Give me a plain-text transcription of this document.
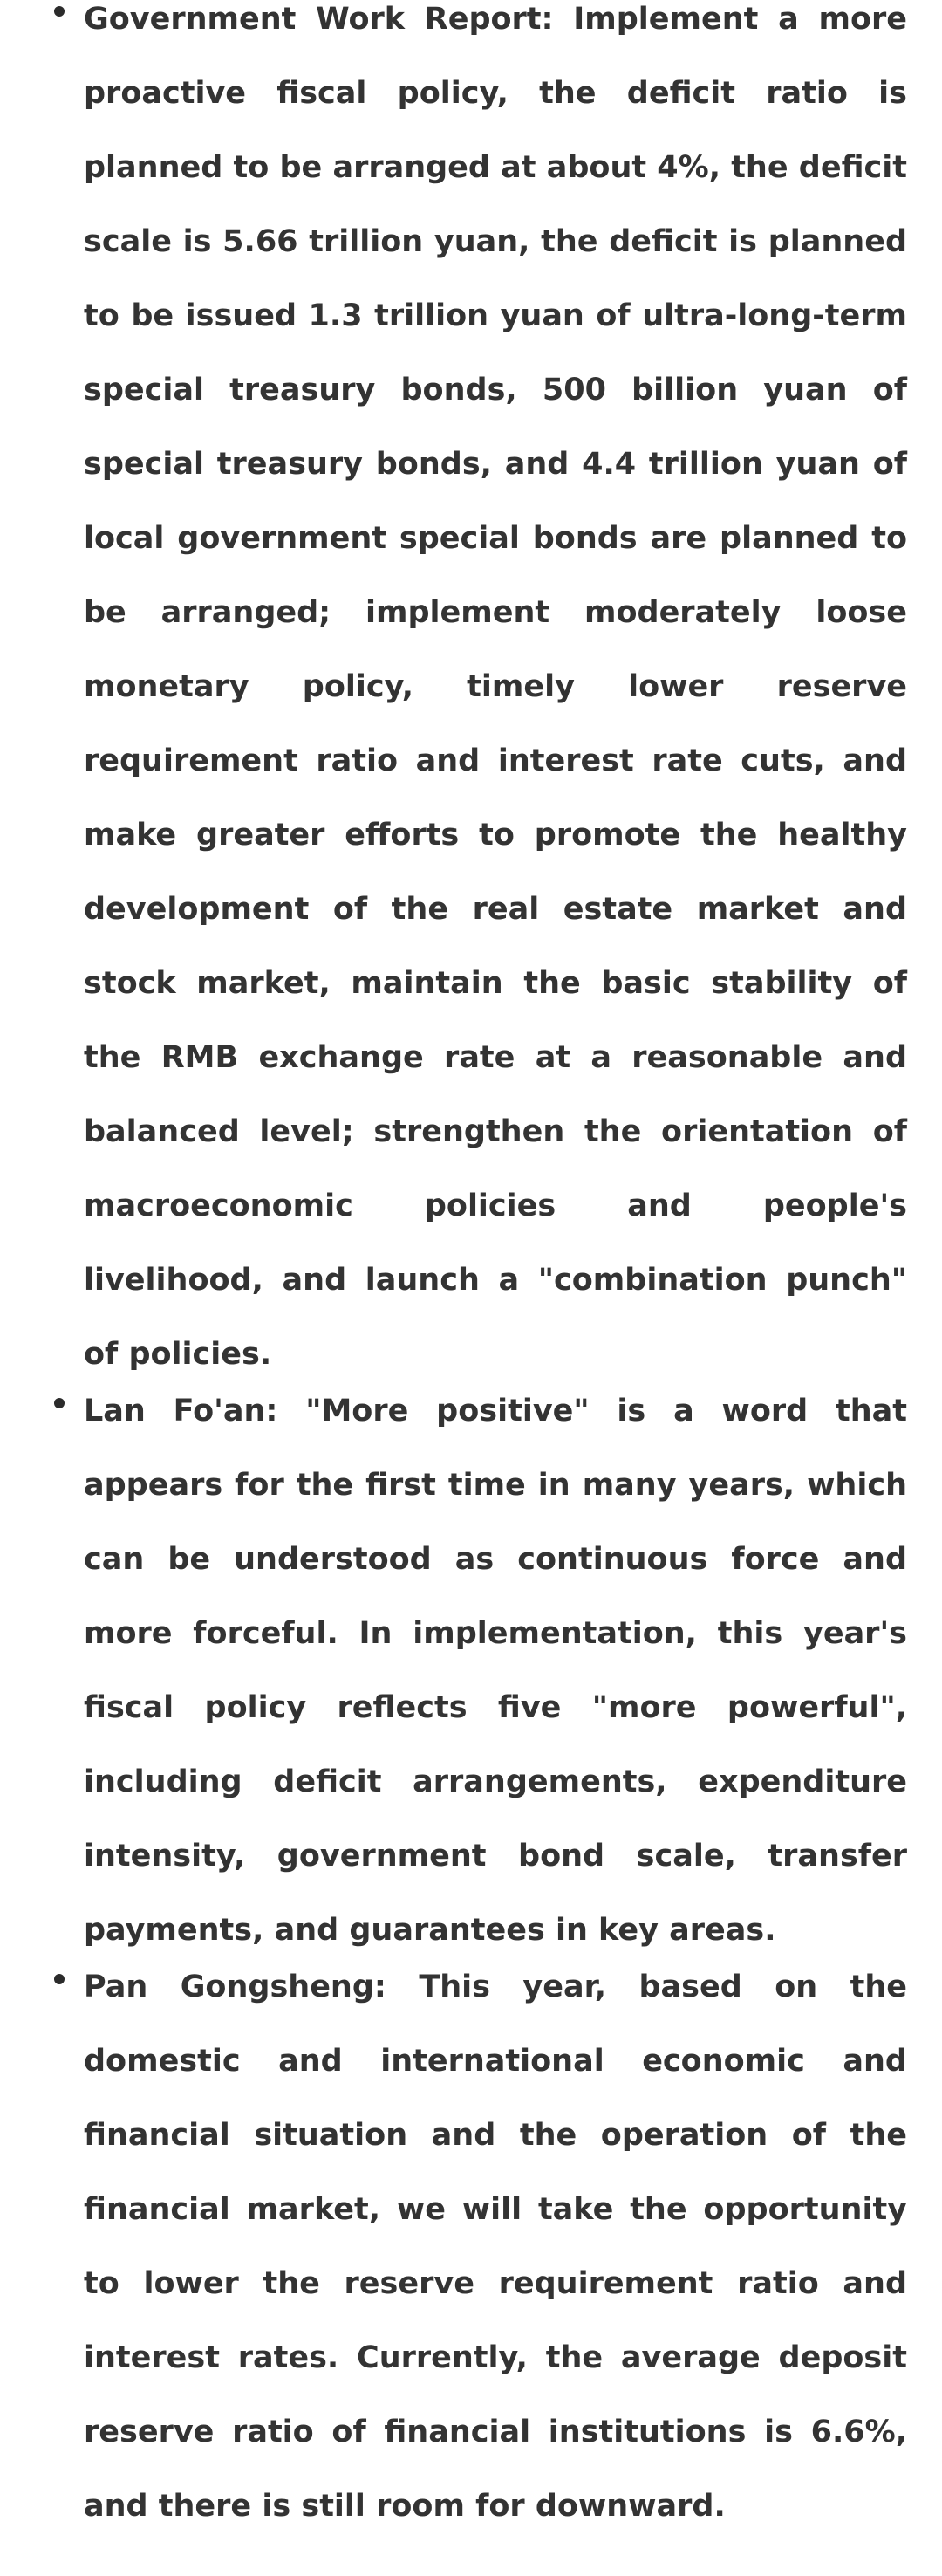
Government Work Report: Implement a more proactive fiscal policy, the deficit ratio is planned to be arranged at about 4%, the deficit scale is 5.66 trillion yuan, the deficit is planned to be issued 1.3 trillion yuan of ultra-long-term special treasury bonds, 500 billion yuan of special treasury bonds, and 4.4 trillion yuan of local government special bonds are planned to be arranged; implement moderately loose monetary policy, timely lower reserve requirement ratio and interest rate cuts, and make greater efforts to promote the healthy development of the real estate market and stock market, maintain the basic stability of the RMB exchange rate at a reasonable and balanced level; strengthen the orientation of macroeconomic policies and people's livelihood, and launch a "combination punch" of policies.
Lan Fo'an: "More positive" is a word that appears for the first time in many years, which can be understood as continuous force and more forceful. In implementation, this year's fiscal policy reflects five "more powerful", including deficit arrangements, expenditure intensity, government bond scale, transfer payments, and guarantees in key areas.
Pan Gongsheng: This year, based on the domestic and international economic and financial situation and the operation of the financial market, we will take the opportunity to lower the reserve requirement ratio and interest rates. Currently, the average deposit reserve ratio of financial institutions is 6.6%, and there is still room for downward.
